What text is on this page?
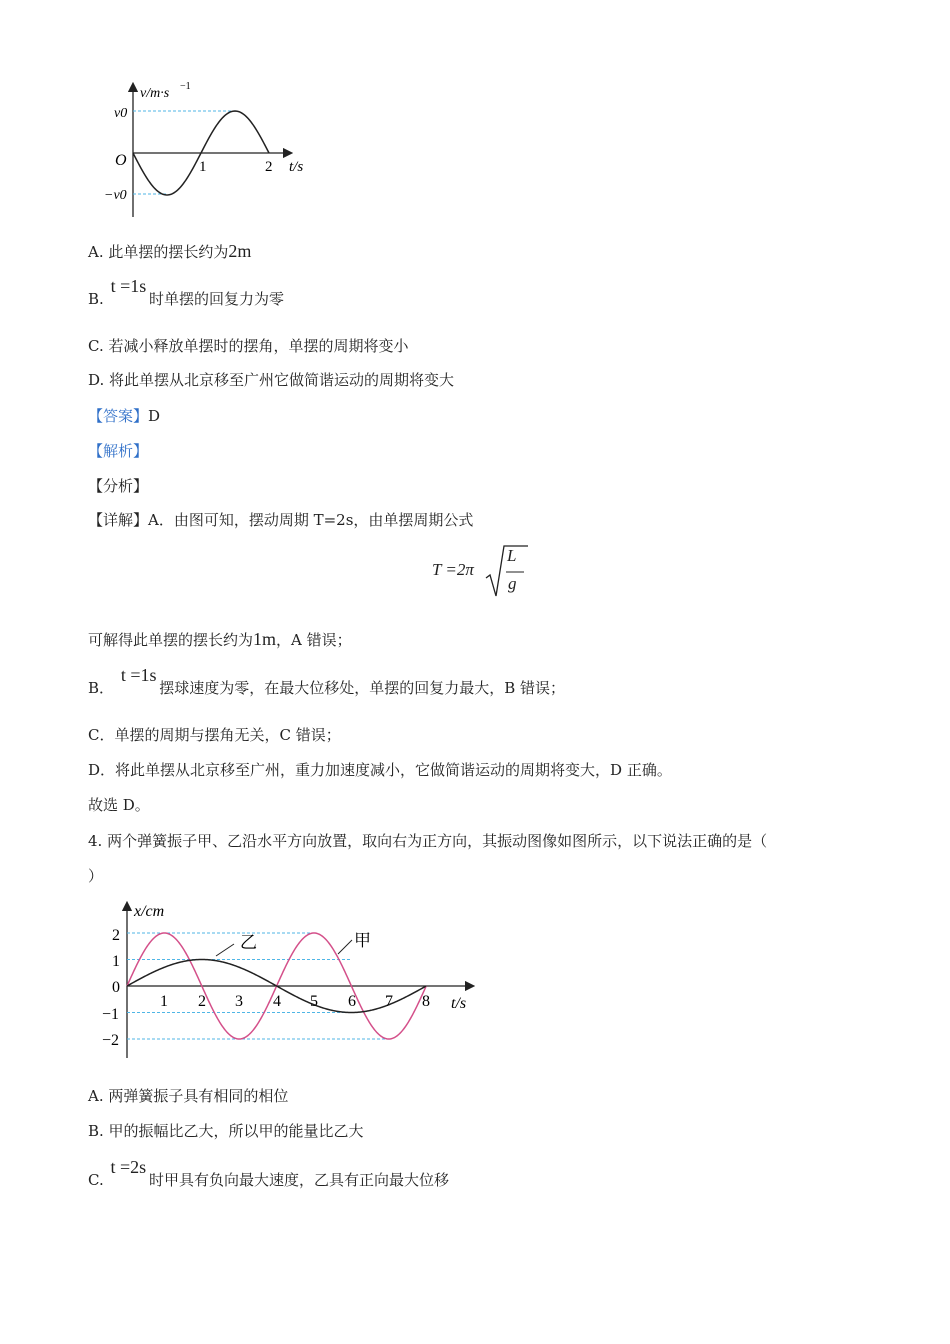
v/m·s −1
v0
−v0
O	1	2 t/s
A. 此单摆的摆长约为2m
B. t =1s 时单摆的回复力为零
C. 若减小释放单摆时的摆角，单摆的周期将变小
D. 将此单摆从北京移至广州它做简谐运动的周期将变大
【答案】D
【解析】
【分析】
【详解】A．由图可知，摆动周期 T=2s，由单摆周期公式
T =2π
L
g
可解得此单摆的摆长约为1m，A 错误；
B． t =1s 摆球速度为零，在最大位移处，单摆的回复力最大，B 错误；
C．单摆的周期与摆角无关，C 错误；
D．将此单摆从北京移至广州，重力加速度减小，它做简谐运动的周期将变大，D 正确。
故选 D。
4. 两个弹簧振子甲、乙沿水平方向放置，取向右为正方向，其振动图像如图所示，以下说法正确的是（
）
乙	甲
x/cm
t/s
2
1
0
−1
−2
1 2 3 4 5 6 7 8
A. 两弹簧振子具有相同的相位
B. 甲的振幅比乙大，所以甲的能量比乙大
C. t =2s 时甲具有负向最大速度，乙具有正向最大位移
